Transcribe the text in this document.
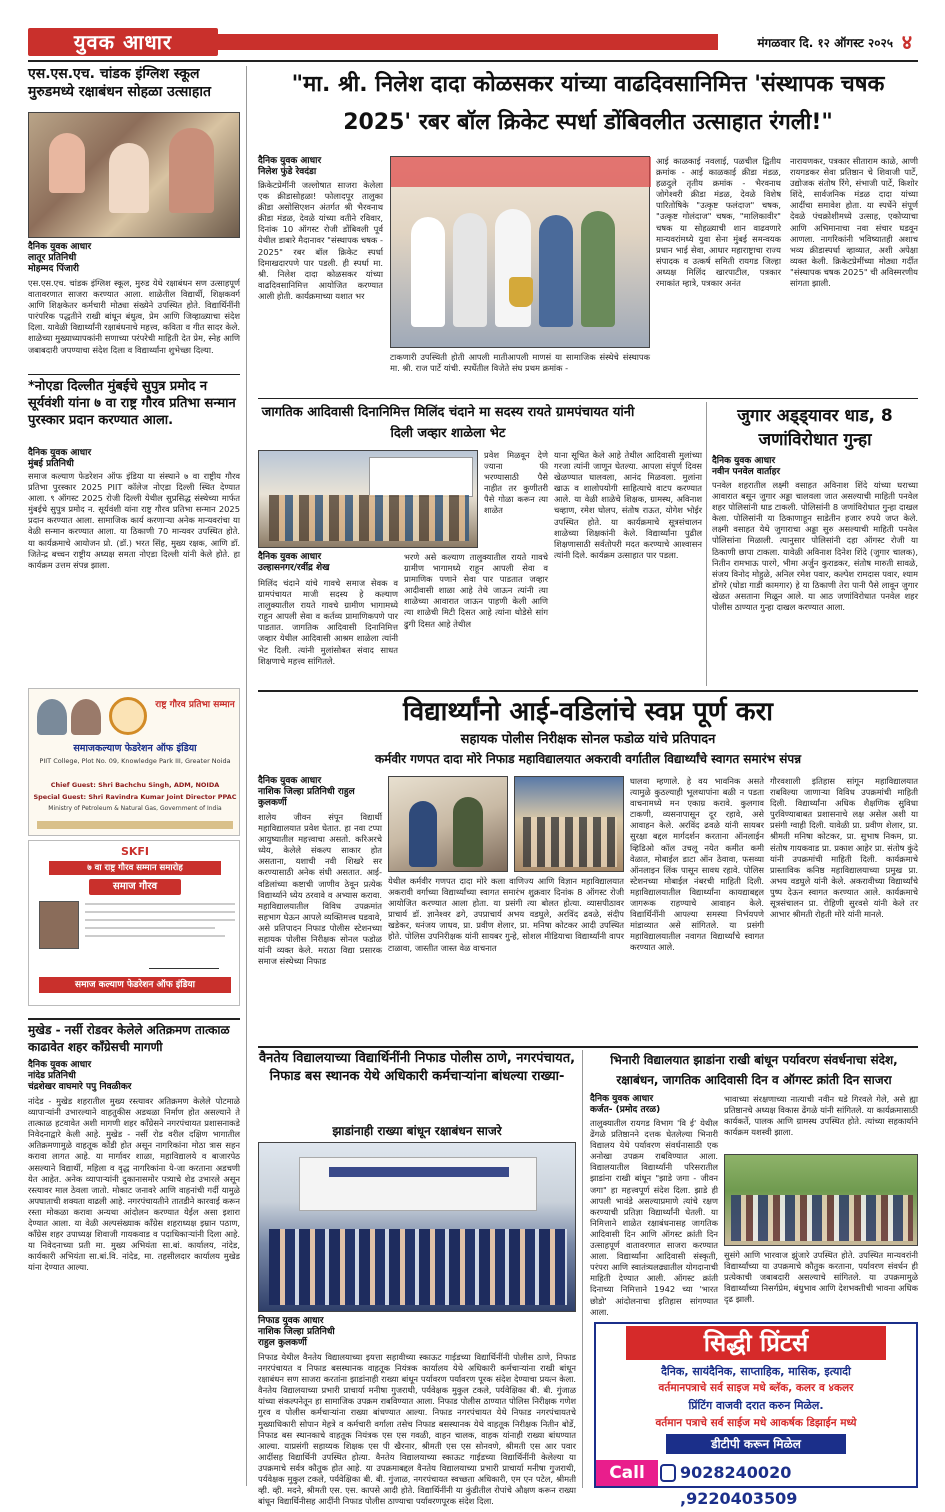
युवक आधार	मंगळवार दि. १२ ऑगस्ट २०२५ ४
एस.एस.एच. चांडक इंग्लिश स्कूल मुरुडमध्ये रक्षाबंधन सोहळा उत्साहात
दैनिक युवक आधार
लातूर प्रतिनिधी
मोहम्मद पिंजारी
एस.एस.एच. चांडक इंग्लिश स्कूल, मुरुड येथे रक्षाबंधन सण उत्साहपूर्ण वातावरणात साजरा करण्यात आला. शाळेतील विद्यार्थी, शिक्षकवर्ग आणि शिक्षकेतर कर्मचारी मोठ्या संख्येने उपस्थित होते. विद्यार्थिनींनी पारंपरिक पद्धतीने राखी बांधून बंधुत्व, प्रेम आणि जिव्हाळ्याचा संदेश दिला. यावेळी विद्यार्थ्यांनी रक्षाबंधनाचे महत्त्व, कविता व गीत सादर केले. शाळेच्या मुख्याध्यापकांनी सणाच्या परंपरेची माहिती देत प्रेम, स्नेह आणि जबाबदारी जपण्याचा संदेश दिला व विद्यार्थ्यांना शुभेच्छा दिल्या.
*नोएडा दिल्लीत मुंबईचे सुपुत्र प्रमोद न सूर्यवंशी यांना ७ वा राष्ट्र गौरव प्रतिभा सन्मान पुरस्कार प्रदान करण्यात आला.
दैनिक युवक आधार
मुंबई प्रतिनिधी
समाज कल्याण फेडरेशन ऑफ इंडिया या संस्थाने ७ वा राष्ट्रीय गौरव प्रतिभा पुरस्कार 2025 PIIT कॉलेज नोएडा दिल्ली स्थित देण्यात आला. ९ ऑगस्ट 2025 रोजी दिल्ली येथील सुप्रसिद्ध संस्थेच्या मार्फत मुंबईचे सुपुत्र प्रमोद न. सूर्यवंशी यांना राष्ट्र गौरव प्रतिभा सन्मान 2025 प्रदान करण्यात आला. सामाजिक कार्य करणाऱ्या अनेक मान्यवरांचा या वेळी सन्मान करण्यात आला. या ठिकाणी 70 मान्यवर उपस्थित होते. या कार्यक्रमाचे आयोजन प्रो. (डॉ.) भरत सिंह, मुख्य रक्षक, आणि डॉ. जितेन्द्र बच्चन राष्ट्रीय अध्यक्ष समता नोएडा दिल्ली यांनी केले होते. हा कार्यक्रम उत्तम संपन्न झाला.
राष्ट्र गौरव प्रतिभा सम्मान
समाजकल्याण फेडरेशन ऑफ इंडिया
PIIT College, Plot No. 09, Knowledge Park III, Greater Noida
Chief Guest: Shri Bachchu Singh, ADM, NOIDA
Special Guest: Shri Ravindra Kumar Joint Director PPAC
Ministry of Petroleum & Natural Gas, Government of India
SKFI
७ वा राष्ट्र गौरव सम्मान समारोह
समाज गौरव
समाज कल्याण फेडरेशन ऑफ इंडिया
मुखेड - नर्सी रोडवर केलेले अतिक्रमण तात्काळ काढावेत शहर काँग्रेसची मागणी
दैनिक युवक आधार
नांदेड प्रतिनिधी
चंद्रशेखर वाघमारे पपु निवळीकर
नांदेड - मुखेड शहरातील मुख्य रस्त्यावर अतिक्रमण केलेले पोटमाळे व्यापाऱ्यांनी उभारल्याने वाहतुकीस अडथळा निर्माण होत असल्याने ते तात्काळ हटवावेत अशी मागणी शहर काँग्रेसने नगरपंचायत प्रशासनाकडे निवेदनाद्वारे केली आहे. मुखेड - नर्सी रोड वरील दक्षिण भागातील अतिक्रमणामुळे वाहतूक कोंडी होत असून नागरिकांना मोठा त्रास सहन करावा लागत आहे. या मार्गावर शाळा, महाविद्यालये व बाजारपेठ असल्याने विद्यार्थी, महिला व वृद्ध नागरिकांना ये-जा करताना अडचणी येत आहेत. अनेक व्यापाऱ्यांनी दुकानासमोर पत्र्याचे शेड उभारले असून रस्त्यावर माल ठेवला जातो. मोकाट जनावरे आणि वाहनांची गर्दी यामुळे अपघाताची शक्यता वाढली आहे. नगरपंचायतीने तातडीने कारवाई करून रस्ता मोकळा करावा अन्यथा आंदोलन करण्यात येईल असा इशारा देण्यात आला. या वेळी अल्पसंख्याक काँग्रेस शहराध्यक्ष इम्रान पठाण, काँग्रेस शहर उपाध्यक्ष शिवाजी गायकवाड व पदाधिकाऱ्यांनी दिला आहे. या निवेदनाच्या प्रती मा. मुख्य अभियंता सा.बां. कार्यालय, नांदेड, कार्यकारी अभियंता सा.बां.वि. नांदेड, मा. तहसीलदार कार्यालय मुखेड यांना देण्यात आल्या.
"मा. श्री. निलेश दादा कोळसकर यांच्या वाढदिवसानिमित्त 'संस्थापक चषक 2025' रबर बॉल क्रिकेट स्पर्धा डोंबिवलीत उत्साहात रंगली!"
दैनिक युवक आधार
निलेश फुंडे रेवदंडा
क्रिकेटप्रेमींनी जल्लोषात साजरा केलेला एक क्रीडासोहळा! फोलादपूर तालुका क्रीडा असोसिएशन अंतर्गत श्री भैरवनाथ क्रीडा मंडळ, देवळे यांच्या वतीने रविवार, दिनांक 10 ऑगस्ट रोजी डोंबिवली पूर्व येथील डाबारे मैदानावर "संस्थापक चषक - 2025" रबर बॉल क्रिकेट स्पर्धा दिमाखदारपणे पार पडली. ही स्पर्धा मा. श्री. निलेश दादा कोळसकर यांच्या वाढदिवसानिमित्त आयोजित करण्यात आली होती. कार्यक्रमाच्या यशात भर
टाकणारी उपस्थिती होती आपली मातीआपली माणसं या सामाजिक संस्थेचे संस्थापक मा. श्री. राज पार्टे यांची. स्पर्धेतील विजेते संघ प्रथम क्रमांक -
आई काळकाई नवलाई, पळचील द्वितीय क्रमांक - आई काळकाई क्रीडा मंडळ, हळदुले तृतीय क्रमांक - भैरवनाथ जोगेश्वरी क्रीडा मंडळ, देवळे विशेष पारितोषिके "उत्कृष्ट फलंदाज" चषक, "उत्कृष्ट गोलंदाज" चषक, "मालिकावीर" चषक या सोहळ्याची शान वाढवणारे मान्यवरांमध्ये युवा सेना मुंबई समन्वयक प्रधान भाई सेवा, आधार महाराष्ट्राचा राज्य संपादक व उत्कर्ष समिती रायगड जिल्हा अध्यक्ष मिलिंद खारपाटील, पत्रकार रमाकांत म्हात्रे, पत्रकार अनंत
नारायणकर, पत्रकार सीताराम काळे, आणी रायगडकर सेवा प्रतिष्ठान चे शिवाजी पार्टे, उद्योजक संतोष रिंगे, संभाजी पार्टे, किशोर शिंदे, सार्वजनिक मंडळ दादा यांच्या आदींचा समावेश होता. या स्पर्धेने संपूर्ण देवळे पंचक्रोशीमध्ये उत्साह, एकोप्याचा आणि अभिमानाचा नवा संचार घडवून आणला. नागरिकांनी भविष्यातही अशाच भव्य क्रीडास्पर्धा व्हाव्यात, अशी अपेक्षा व्यक्त केली. क्रिकेटप्रेमींच्या मोठ्या गर्दीत "संस्थापक चषक 2025" ची अविस्मरणीय सांगता झाली.
जागतिक आदिवासी दिनानिमित्त मिलिंद चंदाने मा सदस्य रायते ग्रामपंचायत यांनी दिली जव्हार शाळेला भेट
प्रवेश मिळवून देणे ज्याना फी भरण्यासाठी पैसे नाहीत तर कुणीतरी पैसे गोळा करून त्या शाळेत
दैनिक युवक आधार
उल्हासनगर/रवींद्र शेख
मिलिंद चंदाने यांचे गावचे समाज सेवक व ग्रामपंचायत माजी सदस्य हे कल्याण तालुक्यातील रायते गावचे ग्रामीण भागामध्ये राहून आपली सेवा व कर्तव्य प्रामाणिकपणे पार पाडतात. जागतिक आदिवासी दिनानिमित्त जव्हार येथील आदिवासी आश्रम शाळेला त्यांनी भेट दिली. त्यांनी मुलांसोबत संवाद साधत शिक्षणाचे महत्त्व सांगितले.
भरणे असे कल्याण तालुक्यातील रायते गावचे ग्रामीण भागामध्ये राहून आपली सेवा व प्रामाणिक पणाने सेवा पार पाडतात जव्हार आदीवासी शाळा आहे तेथे जाऊन त्यांनी त्या शाळेच्या आवारात जाऊन पाहणी केली आणि त्या शाळेची मिटी दिसत आहे त्यांना थोडेसे सांग ढुगी दिसत आहे तेथील
याना सूचित केले आहे तेथील आदिवासी मुलांच्या गरजा त्यांनी जाणून घेतल्या. आपला संपूर्ण दिवस खेळण्यात घालवला, आनंद मिळवला. मुलांना खाऊ व शालोपयोगी साहित्याचे वाटप करण्यात आले. या वेळी शाळेचे शिक्षक, ग्रामस्थ, अविनाश चव्हाण, रमेश घोलप, संतोष राऊत, योगेश भोईर उपस्थित होते. या कार्यक्रमाचे सूत्रसंचालन शाळेच्या शिक्षकांनी केले. विद्यार्थ्यांना पुढील शिक्षणासाठी सर्वतोपरी मदत करण्याचे आश्वासन त्यांनी दिले. कार्यक्रम उत्साहात पार पडला.
जुगार अड्ड्यावर धाड, 8 जणांविरोधात गुन्हा
दैनिक युवक आधार
नवीन पनवेल वार्ताहर
पनवेल शहरातील लक्ष्मी वसाहत अविनाश शिंदे यांच्या घराच्या आवारात बसून जुगार अड्डा चालवला जात असल्याची माहिती पनवेल शहर पोलिसांनी धाड टाकली. पोलिसांनी 8 जणांविरोधात गुन्हा दाखल केला. पोलिसांनी या ठिकाणाहून साडेतीन हजार रुपये जप्त केले. लक्ष्मी वसाहत येथे जुगाराचा अड्डा सुरु असल्याची माहिती पनवेल पोलिसांना मिळाली. त्यानुसार पोलिसांनी दहा ऑगस्ट रोजी या ठिकाणी छापा टाकला. यावेळी अविनाश दिनेश शिंदे (जुगार चालक), नितीन रामभाऊ पारगे, भीमा अर्जुन कुराडकर, संतोष मारुती सावळे, संजय विनोद मोहुळे, अनिल रमेश पवार, कल्पेश रामदास पवार, श्याम डोंगरे (घोडा गाडी कामगार) हे या ठिकाणी तेरा पानी पैसे लावून जुगार खेळत असताना मिळून आले. या आठ जणांविरोधात पनवेल शहर पोलीस ठाण्यात गुन्हा दाखल करण्यात आला.
विद्यार्थ्यांनो आई-वडिलांचे स्वप्न पूर्ण करा
सहायक पोलीस निरीक्षक सोनल फडोळ यांचे प्रतिपादन
कर्मवीर गणपत दादा मोरे निफाड महाविद्यालयात अकरावी वर्गातील विद्यार्थ्यांचे स्वागत समारंभ संपन्न
दैनिक युवक आधार
नाशिक जिल्हा प्रतिनिधी राहुल कुलकर्णी
शालेय जीवन संपून विद्यार्थी महाविद्यालयात प्रवेश घेतात. हा नवा टप्पा आयुष्यातील महत्त्वाचा असतो. करिअरचे ध्येय, केलेले संकल्प साकार होत असताना, यशाची नवी शिखरे सर करण्यासाठी अनेक संधी असतात. आई-वडिलांच्या कष्टाची जाणीव ठेवून प्रत्येक विद्यार्थ्याने ध्येय ठरवावे व अभ्यास करावा. महाविद्यालयातील विविध उपक्रमांत सहभाग घेऊन आपले व्यक्तिमत्त्व घडवावे, असे प्रतिपादन निफाड पोलीस स्टेशनच्या सहायक पोलीस निरीक्षक सोनल फडोळ यांनी व्यक्त केले. मराठा विद्या प्रसारक समाज संस्थेच्या निफाड
येथील कर्मवीर गणपत दादा मोरे कला वाणिज्य आणि विज्ञान महाविद्यालयात अकरावी वर्गाच्या विद्यार्थ्यांच्या स्वागत समारंभ शुक्रवार दिनांक 8 ऑगस्ट रोजी आयोजित करण्यात आला होता. या प्रसंगी त्या बोलत होत्या. व्यासपीठावर प्राचार्य डॉ. ज्ञानेश्वर ढगे, उपप्राचार्य अभय वडघुले, अरविंद ढवळे, संदीप खडेकर, धनंजय जाधव, प्रा. प्रवीण शेलार, प्रा. मनिषा कोटकर आदी उपस्थित होते. पोलिस उपनिरीक्षक यांनी सायबर गुन्हे, सोशल मीडियाचा विद्यार्थ्यांनी वापर टाळावा, जास्तीत जास्त वेळ वाचनात
घालवा म्हणाले. हे वय भावनिक असते त्यामुळे कुठल्याही भूलथापांना बळी न पडता वाचनामध्ये मन एकाग्र करावे. कुलगाव टाकणी, व्यसनापासून दूर रहावे, असे आवाहन केले. अरविंद ढवळे यांनी सायबर सुरक्षा बद्दल मार्गदर्शन करताना ऑनलाईन व्हिडिओ कॉल उचलू नयेत कमीत कमी वेळात, मोबाईल डाटा ऑन ठेवावा, फसव्या ऑनलाइन लिंक पासून सावध रहावे. पोलिस स्टेशनच्या मोबाईल नंबरची माहिती दिली. महाविद्यालयातील विद्यार्थ्यांना कायद्याबद्दल जागरूक राहण्याचे आवाहन केले. विद्यार्थिनींनी आपल्या समस्या निर्भयपणे मांडाव्यात असे सांगितले. या प्रसंगी महाविद्यालयातील नवागत विद्यार्थ्यांचे स्वागत करण्यात आले.
गौरवशाली इतिहास सांगून महाविद्यालयात राबविल्या जाणाऱ्या विविध उपक्रमांची माहिती दिली. विद्यार्थ्यांना अधिक शैक्षणिक सुविधा पुरविण्याबाबत प्रशासनाचे लक्ष असेल अशी या प्रसंगी ग्वाही दिली. यावेळी प्रा. प्रवीण शेलार, प्रा. श्रीमती मनिषा कोटकर, प्रा. सुभाष निकम, प्रा. संतोष गायकवाड प्रा. प्रकाश आहेर प्रा. संतोष कुंदे यांनी उपक्रमांची माहिती दिली. कार्यक्रमाचे प्रास्ताविक कनिष्ठ महाविद्यालयाच्या प्रमुख प्रा. अभय वडघुले यांनी केले. अकरावीच्या विद्यार्थ्यांचे पुष्प देऊन स्वागत करण्यात आले. कार्यक्रमाचे सूत्रसंचालन प्रा. रोहिणी सुरवसे यांनी केले तर आभार श्रीमती रोहती मोरे यांनी मानले.
वैनतेय विद्यालयाच्या विद्यार्थिनींनी निफाड पोलीस ठाणे, नगरपंचायत, निफाड बस स्थानक येथे अधिकारी कर्मचाऱ्यांना बांधल्या राख्या-
झाडांनाही राख्या बांधून रक्षाबंधन साजरे
निफाड युवक आधार
नाशिक जिल्हा प्रतिनिधी
राहुल कुलकर्णी
निफाड येथील वैनतेय विद्यालयाच्या इयत्ता सहावीच्या स्काऊट गाईडच्या विद्यार्थिनींनी पोलीस ठाणे, निफाड नगरपंचायत व निफाड बसस्थानक वाहतूक नियंत्रक कार्यालय येथे अधिकारी कर्मचाऱ्यांना राखी बांधून रक्षाबंधन सण साजरा करतांना झाडांनाही राख्या बांधून पर्यावरण पर्यावरण पूरक संदेश देण्याचा प्रयत्न केला. वैनतेय विद्यालयाच्या प्रभारी प्राचार्या मनीषा गुजराथी, पर्यवेक्षक मुकुल टकले, पर्यवेक्षिका बी. बी. गुंजाळ यांच्या संकल्पनेतून हा सामाजिक उपक्रम राबविण्यात आला. निफाड पोलीस ठाण्यात पोलिस निरीक्षक गणेश गुरव व पोलीस कर्मचाऱ्यांना राख्या बांधण्यात आल्या. निफाड नगरपंचायत येथे निफाड नगरपंचायतचे मुख्याधिकारी सोपान मेहत्रे व कर्मचारी वर्गाला तसेच निफाड बसस्थानक येथे वाहतूक निरीक्षक नितीन बोर्डे, निफाड बस स्थानकाचे वाहतूक नियंत्रक एस एस गवळी, वाहन चालक, वाहक यांनाही राख्या बांधण्यात आल्या. याप्रसंगी सहाय्यक शिक्षक एस पी खैरनार, श्रीमती एस एस सोनवणे, श्रीमती एस आर पवार आदींसह विद्यार्थिनी उपस्थित होत्या. वैनतेय विद्यालयाच्या स्काऊट गाईडच्या विद्यार्थिनींनी केलेल्या या उपक्रमाचे सर्वत्र कौतुक होत आहे. या उपक्रमाबद्दल वैनतेय विद्यालयाच्या प्रभारी प्राचार्या मनीषा गुजराथी, पर्यवेक्षक मुकुल टकले, पर्यवेक्षिका बी. बी. गुंजाळ, नगरपंचायत स्वच्छता अधिकारी, एम एन पटेल, श्रीमती व्ही. व्ही. मदने, श्रीमती एस. एस. कापसे आदी होते. विद्यार्थिनींनी या कुंडीतील रोपांचे औक्षण करून राख्या बांधून विद्यार्थिनीसह आदींनी निफाड पोलीस ठाण्याचा पर्यावरणपूरक संदेश दिला.
भिनारी विद्यालयात झाडांना राखी बांधून पर्यावरण संवर्धनाचा संदेश, रक्षाबंधन, जागतिक आदिवासी दिन व ऑगस्ट क्रांती दिन साजरा
दैनिक युवक आधार
कर्जत- (प्रमोद तरळ)
तालुक्यातील रायगड विभाग 'वि ई' येथील ढेंगळे प्रतिष्ठानने दत्तक घेतलेल्या भिनारी विद्यालय येथे पर्यावरण संवर्धनासाठी एक अनोखा उपक्रम राबविण्यात आला. विद्यालयातील विद्यार्थ्यांनी परिसरातील झाडांना राखी बांधून "झाडे जगा - जीवन जगा" हा महत्त्वपूर्ण संदेश दिला. झाडे ही आपली भावंडे असल्याप्रमाणे त्यांचे रक्षण करण्याची प्रतिज्ञा विद्यार्थ्यांनी घेतली. या निमित्ताने शाळेत रक्षाबंधनासह जागतिक आदिवासी दिन आणि ऑगस्ट क्रांती दिन उत्साहपूर्ण वातावरणात साजरा करण्यात आला. विद्यार्थ्यांना आदिवासी संस्कृती, परंपरा आणि स्वातंत्र्यलढ्यातील योगदानाची माहिती देण्यात आली. ऑगस्ट क्रांती दिनाच्या निमित्ताने 1942 च्या 'भारत छोडो' आंदोलनाचा इतिहास सांगण्यात आला.
भावाच्या संरक्षणाच्या नात्याची नवीन धडे गिरवले गेले, असे ह्या प्रतिष्ठानचे अध्यक्ष विकास ढेंगळे यांनी सांगितले. या कार्यक्रमासाठी कार्यकर्ते, पालक आणि ग्रामस्थ उपस्थित होते. त्यांच्या सहकार्याने कार्यक्रम यशस्वी झाला.
सुसंगे आणि भारवाज झुंजारे उपस्थित होते. उपस्थित मान्यवरांनी विद्यार्थ्यांच्या या उपक्रमाचे कौतुक करताना, पर्यावरण संवर्धन ही प्रत्येकाची जबाबदारी असल्याचे सांगितले. या उपक्रमामुळे विद्यार्थ्यांच्या निसर्गप्रेम, बंधुभाव आणि देशभक्तीची भावना अधिक दृढ झाली.
सिद्धी प्रिंटर्स
दैनिक, सायंदैनिक, साप्ताहिक, मासिक, इत्यादी
वर्तमानपत्राचे सर्व साइज मधे ब्लॅक, कलर व ४कलर
प्रिंटिंग वाजवी दरात करुन मिळेल.
वर्तमान पत्राचे सर्व साईज मधे आकर्षक डिझाईन मध्ये
डीटीपी करून मिळेल
Call	9028240020 ,9220403509
